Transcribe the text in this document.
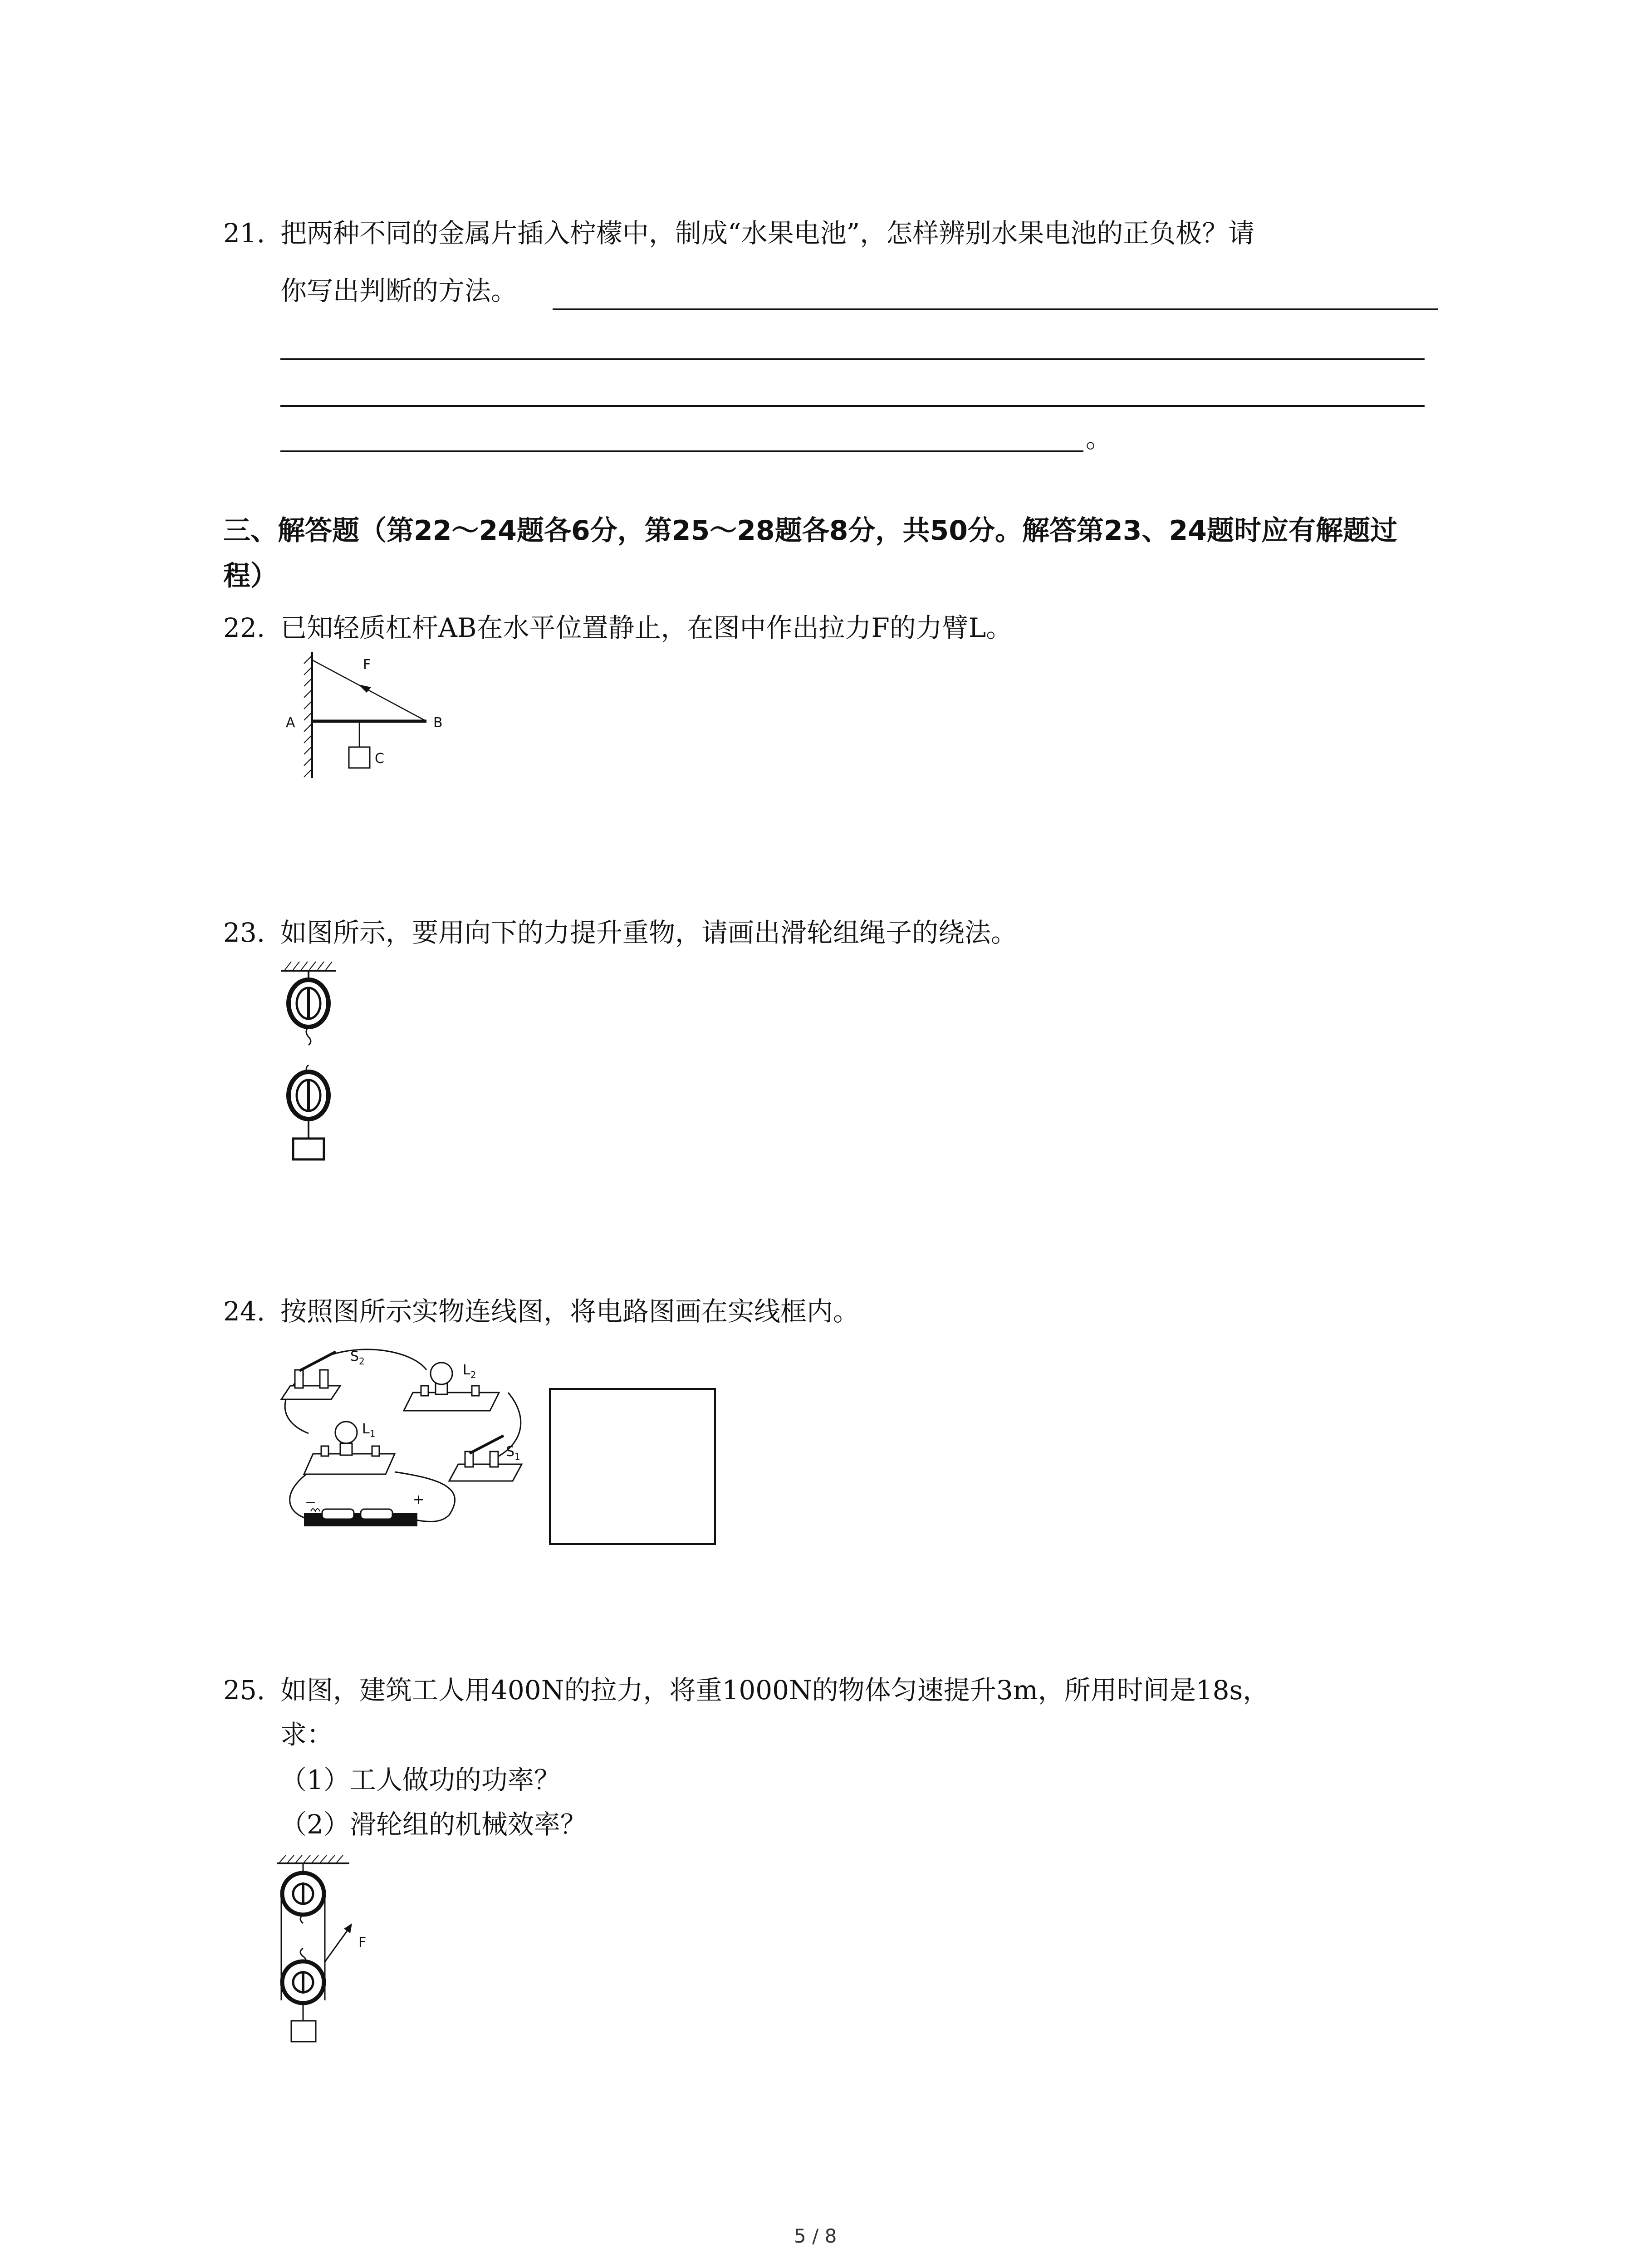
21. 把两种不同的金属片插入柠檬中，制成“水果电池”，怎样辨别水果电池的正负极？请
你写出判断的方法。
。
三、解答题（第22～24题各6分，第25～28题各8分，共50分。解答第23、24题时应有解题过
程）
22. 已知轻质杠杆AB在水平位置静止，在图中作出拉力F的力臂L。
F
A	B
C
23. 如图所示，要用向下的力提升重物，请画出滑轮组绳子的绕法。
24. 按照图所示实物连线图，将电路图画在实线框内。
$S_2$
$L_2$
$L_1$
$S_1$
−	+
25. 如图，建筑工人用400N的拉力，将重1000N的物体匀速提升3m，所用时间是18s，
求：
（1）工人做功的功率？
（2）滑轮组的机械效率？
F
5 / 8
